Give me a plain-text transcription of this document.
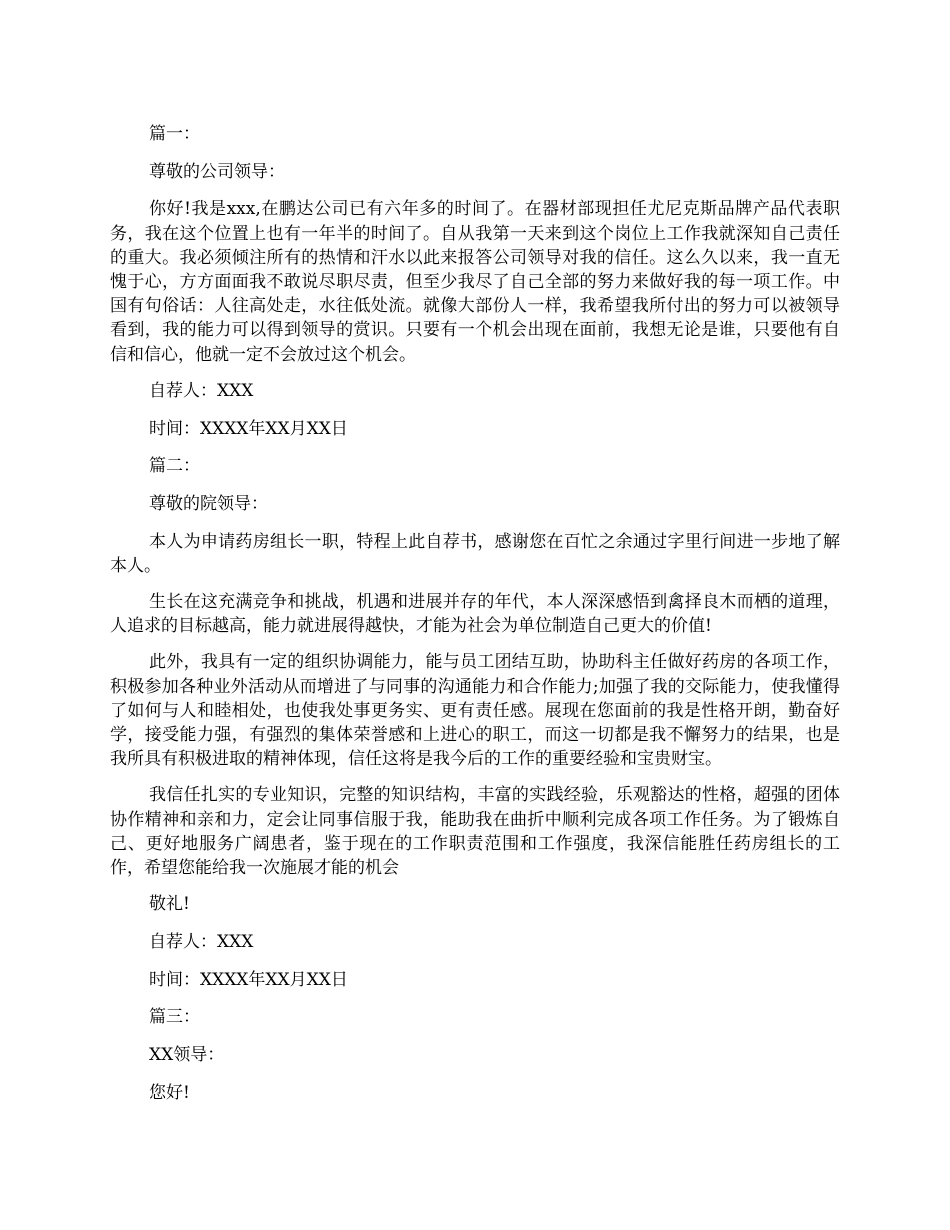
篇一：

尊敬的公司领导：

你好!我是xxx,在鹏达公司已有六年多的时间了。在器材部现担任尤尼克斯品牌产品代表职务，我在这个位置上也有一年半的时间了。自从我第一天来到这个岗位上工作我就深知自己责任的重大。我必须倾注所有的热情和汗水以此来报答公司领导对我的信任。这么久以来，我一直无愧于心，方方面面我不敢说尽职尽责，但至少我尽了自己全部的努力来做好我的每一项工作。中国有句俗话：人往高处走，水往低处流。就像大部份人一样，我希望我所付出的努力可以被领导看到，我的能力可以得到领导的赏识。只要有一个机会出现在面前，我想无论是谁，只要他有自信和信心，他就一定不会放过这个机会。

自荐人：XXX

时间：XXXX年XX月XX日

篇二：

尊敬的院领导：

本人为申请药房组长一职，特程上此自荐书，感谢您在百忙之余通过字里行间进一步地了解本人。

生长在这充满竞争和挑战，机遇和进展并存的年代，本人深深感悟到禽择良木而栖的道理，人追求的目标越高，能力就进展得越快，才能为社会为单位制造自己更大的价值!

此外，我具有一定的组织协调能力，能与员工团结互助，协助科主任做好药房的各项工作，积极参加各种业外活动从而增进了与同事的沟通能力和合作能力;加强了我的交际能力，使我懂得了如何与人和睦相处，也使我处事更务实、更有责任感。展现在您面前的我是性格开朗，勤奋好学，接受能力强，有强烈的集体荣誉感和上进心的职工，而这一切都是我不懈努力的结果，也是我所具有积极进取的精神体现，信任这将是我今后的工作的重要经验和宝贵财宝。

我信任扎实的专业知识，完整的知识结构，丰富的实践经验，乐观豁达的性格，超强的团体协作精神和亲和力，定会让同事信服于我，能助我在曲折中顺利完成各项工作任务。为了锻炼自己、更好地服务广阔患者，鉴于现在的工作职责范围和工作强度，我深信能胜任药房组长的工作，希望您能给我一次施展才能的机会

敬礼!

自荐人：XXX

时间：XXXX年XX月XX日

篇三：

XX领导：

您好!
